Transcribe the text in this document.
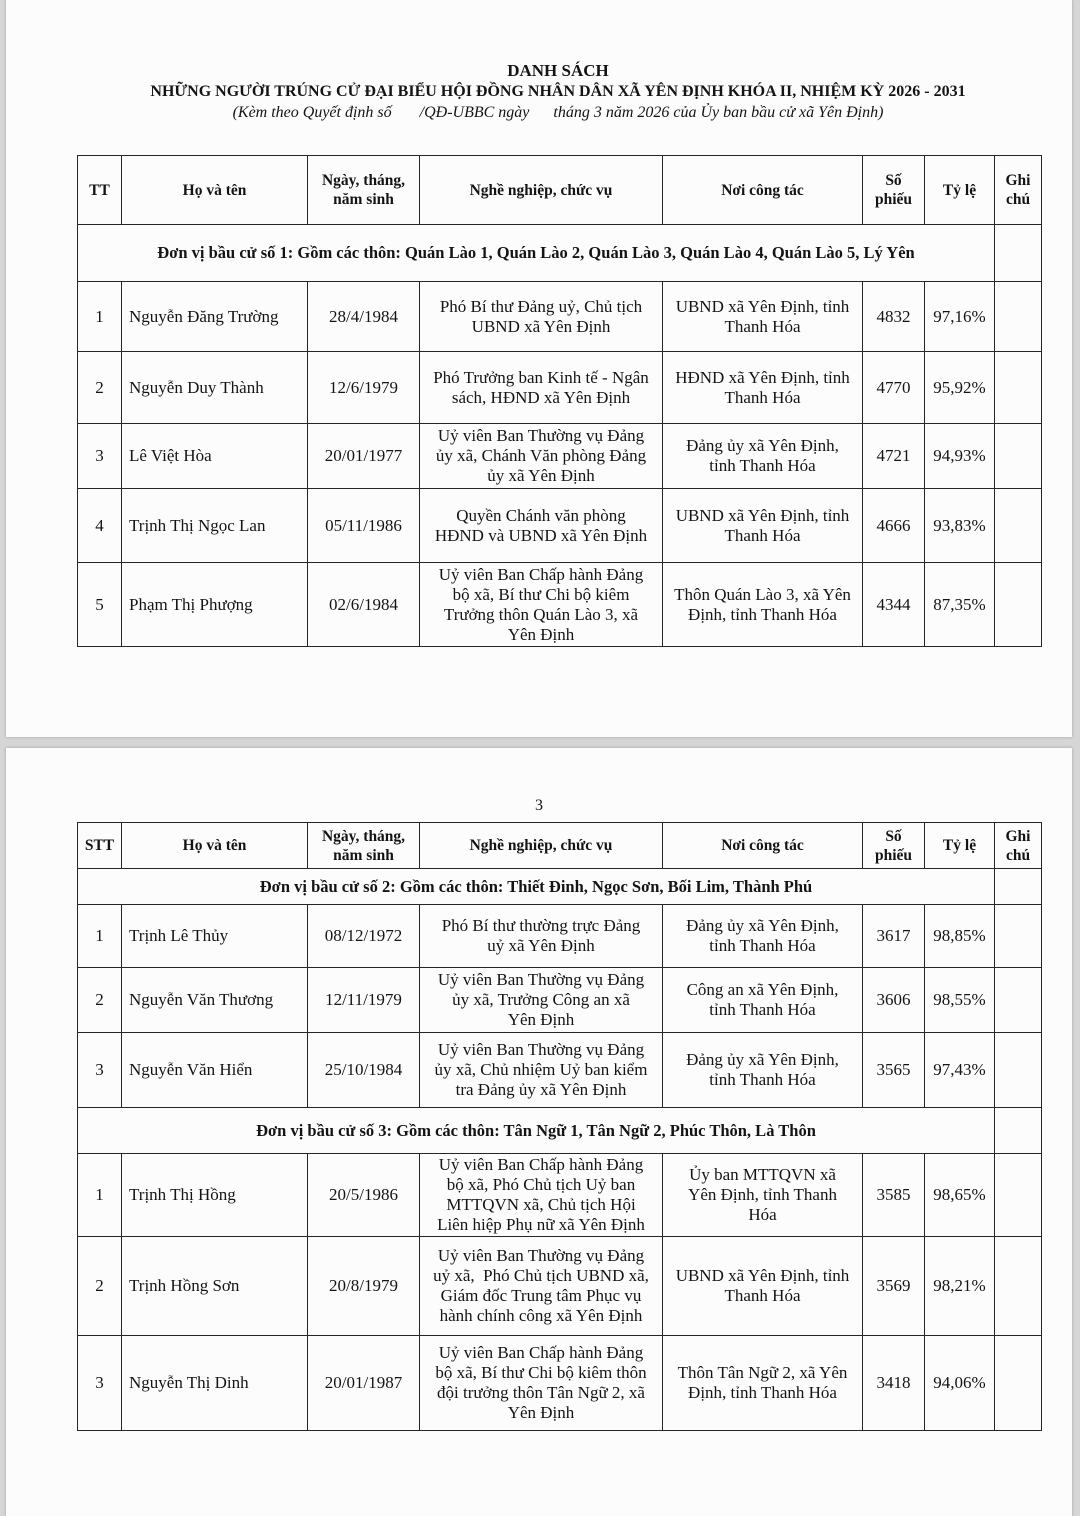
DANH SÁCH
NHỮNG NGƯỜI TRÚNG CỬ ĐẠI BIỂU HỘI ĐỒNG NHÂN DÂN XÃ YÊN ĐỊNH KHÓA II, NHIỆM KỲ 2026 - 2031
(Kèm theo Quyết định số       /QĐ-UBBC ngày      tháng 3 năm 2026 của Ủy ban bầu cử xã Yên Định)
TT	Họ và tên	Ngày, tháng,
năm sinh	Nghề nghiệp, chức vụ	Nơi công tác	Số
phiếu	Tỷ lệ	Ghi
chú
Đơn vị bầu cử số 1: Gồm các thôn: Quán Lào 1, Quán Lào 2, Quán Lào 3, Quán Lào 4, Quán Lào 5, Lý Yên							
1	Nguyễn Đăng Trường	28/4/1984	Phó Bí thư Đảng uỷ, Chủ tịch
UBND xã Yên Định	UBND xã Yên Định, tỉnh
Thanh Hóa	4832	97,16%	
2	Nguyễn Duy Thành	12/6/1979	Phó Trưởng ban Kinh tế - Ngân
sách, HĐND xã Yên Định	HĐND xã Yên Định, tỉnh
Thanh Hóa	4770	95,92%	
3	Lê Việt Hòa	20/01/1977	Uỷ viên Ban Thường vụ Đảng
ủy xã, Chánh Văn phòng Đảng
ủy xã Yên Định	Đảng ủy xã Yên Định,
tỉnh Thanh Hóa	4721	94,93%	
4	Trịnh Thị Ngọc Lan	05/11/1986	Quyền Chánh văn phòng
HĐND và UBND xã Yên Định	UBND xã Yên Định, tỉnh
Thanh Hóa	4666	93,83%	
5	Phạm Thị Phượng	02/6/1984	Uỷ viên Ban Chấp hành Đảng
bộ xã, Bí thư Chi bộ kiêm
Trưởng thôn Quán Lào 3, xã
Yên Định	Thôn Quán Lào 3, xã Yên
Định, tỉnh Thanh Hóa	4344	87,35%	
3
STT	Họ và tên	Ngày, tháng,
năm sinh	Nghề nghiệp, chức vụ	Nơi công tác	Số
phiếu	Tỷ lệ	Ghi
chú
Đơn vị bầu cử số 2: Gồm các thôn: Thiết Đinh, Ngọc Sơn, Bối Lim, Thành Phú							
1	Trịnh Lê Thủy	08/12/1972	Phó Bí thư thường trực Đảng
uỷ xã Yên Định	Đảng ủy xã Yên Định,
tỉnh Thanh Hóa	3617	98,85%	
2	Nguyễn Văn Thương	12/11/1979	Uỷ viên Ban Thường vụ Đảng
ủy xã, Trưởng Công an xã
Yên Định	Công an xã Yên Định,
tỉnh Thanh Hóa	3606	98,55%	
3	Nguyễn Văn Hiển	25/10/1984	Uỷ viên Ban Thường vụ Đảng
ủy xã, Chủ nhiệm Uỷ ban kiểm
tra Đảng ủy xã Yên Định	Đảng ủy xã Yên Định,
tỉnh Thanh Hóa	3565	97,43%	
Đơn vị bầu cử số 3: Gồm các thôn: Tân Ngữ 1, Tân Ngữ 2, Phúc Thôn, Là Thôn							
1	Trịnh Thị Hồng	20/5/1986	Uỷ viên Ban Chấp hành Đảng
bộ xã, Phó Chủ tịch Uỷ ban
MTTQVN xã, Chủ tịch Hội
Liên hiệp Phụ nữ xã Yên Định	Ủy ban MTTQVN xã
Yên Định, tỉnh Thanh
Hóa	3585	98,65%	
2	Trịnh Hồng Sơn	20/8/1979	Uỷ viên Ban Thường vụ Đảng
uỷ xã,  Phó Chủ tịch UBND xã,
Giám đốc Trung tâm Phục vụ
hành chính công xã Yên Định	UBND xã Yên Định, tỉnh
Thanh Hóa	3569	98,21%	
3	Nguyễn Thị Dinh	20/01/1987	Uỷ viên Ban Chấp hành Đảng
bộ xã, Bí thư Chi bộ kiêm thôn
đội trưởng thôn Tân Ngữ 2, xã
Yên Định	Thôn Tân Ngữ 2, xã Yên
Định, tỉnh Thanh Hóa	3418	94,06%	
